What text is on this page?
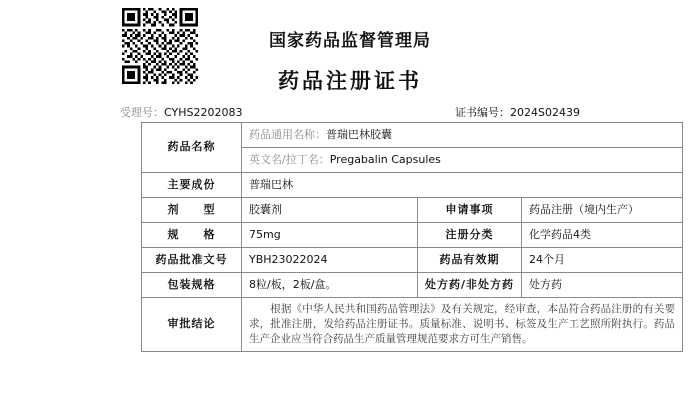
国家药品监督管理局
药品注册证书
受理号：CYHS2202083	证书编号：2024S02439
药品名称	药品通用名称：普瑞巴林胶囊		
	英文名/拉丁名：Pregabalin Capsules		
主要成份	普瑞巴林		
剂　　型	胶囊剂	申请事项	药品注册（境内生产）
规　　格	75mg	注册分类	化学药品4类
药品批准文号	YBH23022024	药品有效期	24个月
包装规格	8粒/板，2板/盒。	处方药/非处方药	处方药
审批结论	　　根据《中华人民共和国药品管理法》及有关规定，经审查，本品符合药品注册的有关要求，批准注册，发给药品注册证书。质量标准、说明书、标签及生产工艺照所附执行。药品生产企业应当符合药品生产质量管理规范要求方可生产销售。		
